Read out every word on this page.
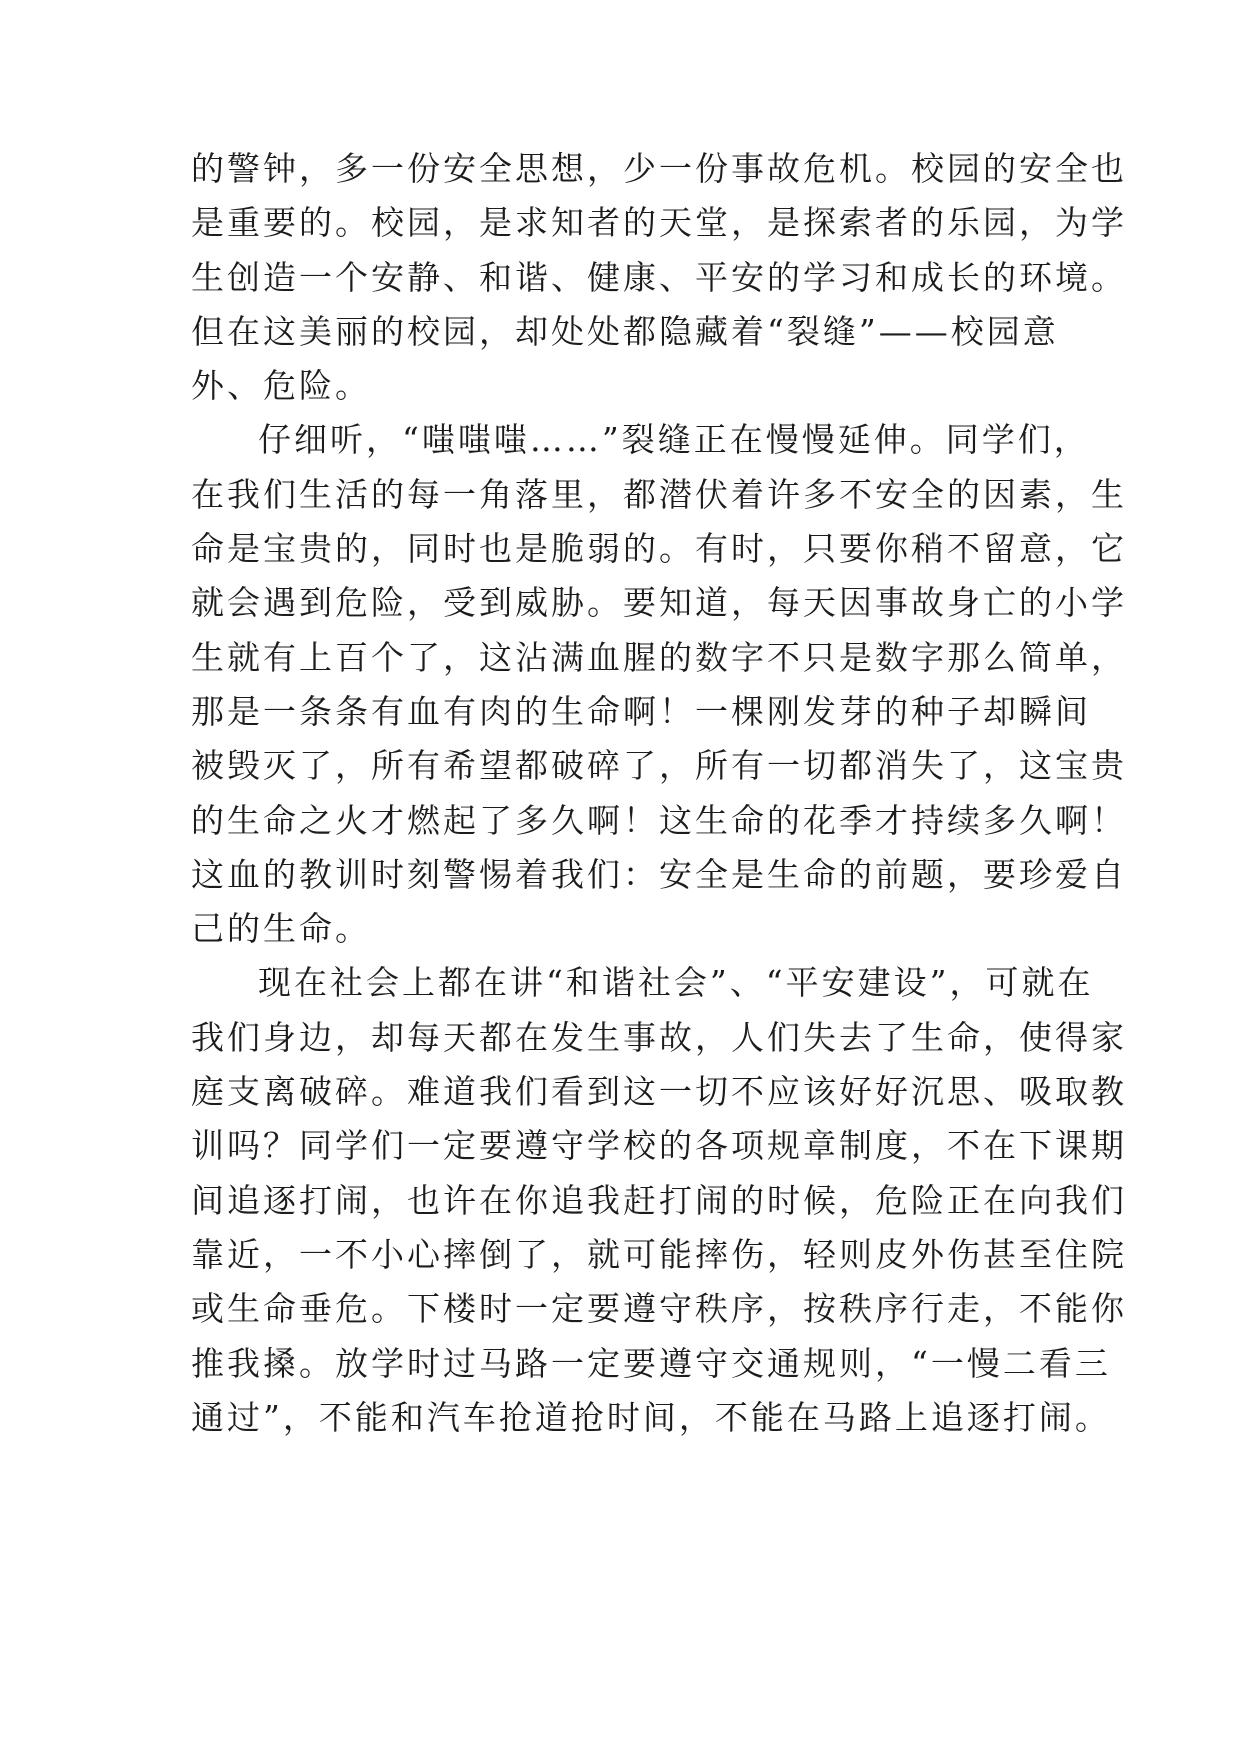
的警钟，多一份安全思想，少一份事故危机。校园的安全也
是重要的。校园，是求知者的天堂，是探索者的乐园，为学
生创造一个安静、和谐、健康、平安的学习和成长的环境。
但在这美丽的校园，却处处都隐藏着“裂缝”——校园意
外、危险。
仔细听，“嗤嗤嗤……”裂缝正在慢慢延伸。同学们，
在我们生活的每一角落里，都潜伏着许多不安全的因素，生
命是宝贵的，同时也是脆弱的。有时，只要你稍不留意，它
就会遇到危险，受到威胁。要知道，每天因事故身亡的小学
生就有上百个了，这沾满血腥的数字不只是数字那么简单，
那是一条条有血有肉的生命啊！一棵刚发芽的种子却瞬间
被毁灭了，所有希望都破碎了，所有一切都消失了，这宝贵
的生命之火才燃起了多久啊！这生命的花季才持续多久啊！
这血的教训时刻警惕着我们：安全是生命的前题，要珍爱自
己的生命。
现在社会上都在讲“和谐社会”、“平安建设”，可就在
我们身边，却每天都在发生事故，人们失去了生命，使得家
庭支离破碎。难道我们看到这一切不应该好好沉思、吸取教
训吗？同学们一定要遵守学校的各项规章制度，不在下课期
间追逐打闹，也许在你追我赶打闹的时候，危险正在向我们
靠近，一不小心摔倒了，就可能摔伤，轻则皮外伤甚至住院
或生命垂危。下楼时一定要遵守秩序，按秩序行走，不能你
推我搡。放学时过马路一定要遵守交通规则，“一慢二看三
通过”，不能和汽车抢道抢时间，不能在马路上追逐打闹。
